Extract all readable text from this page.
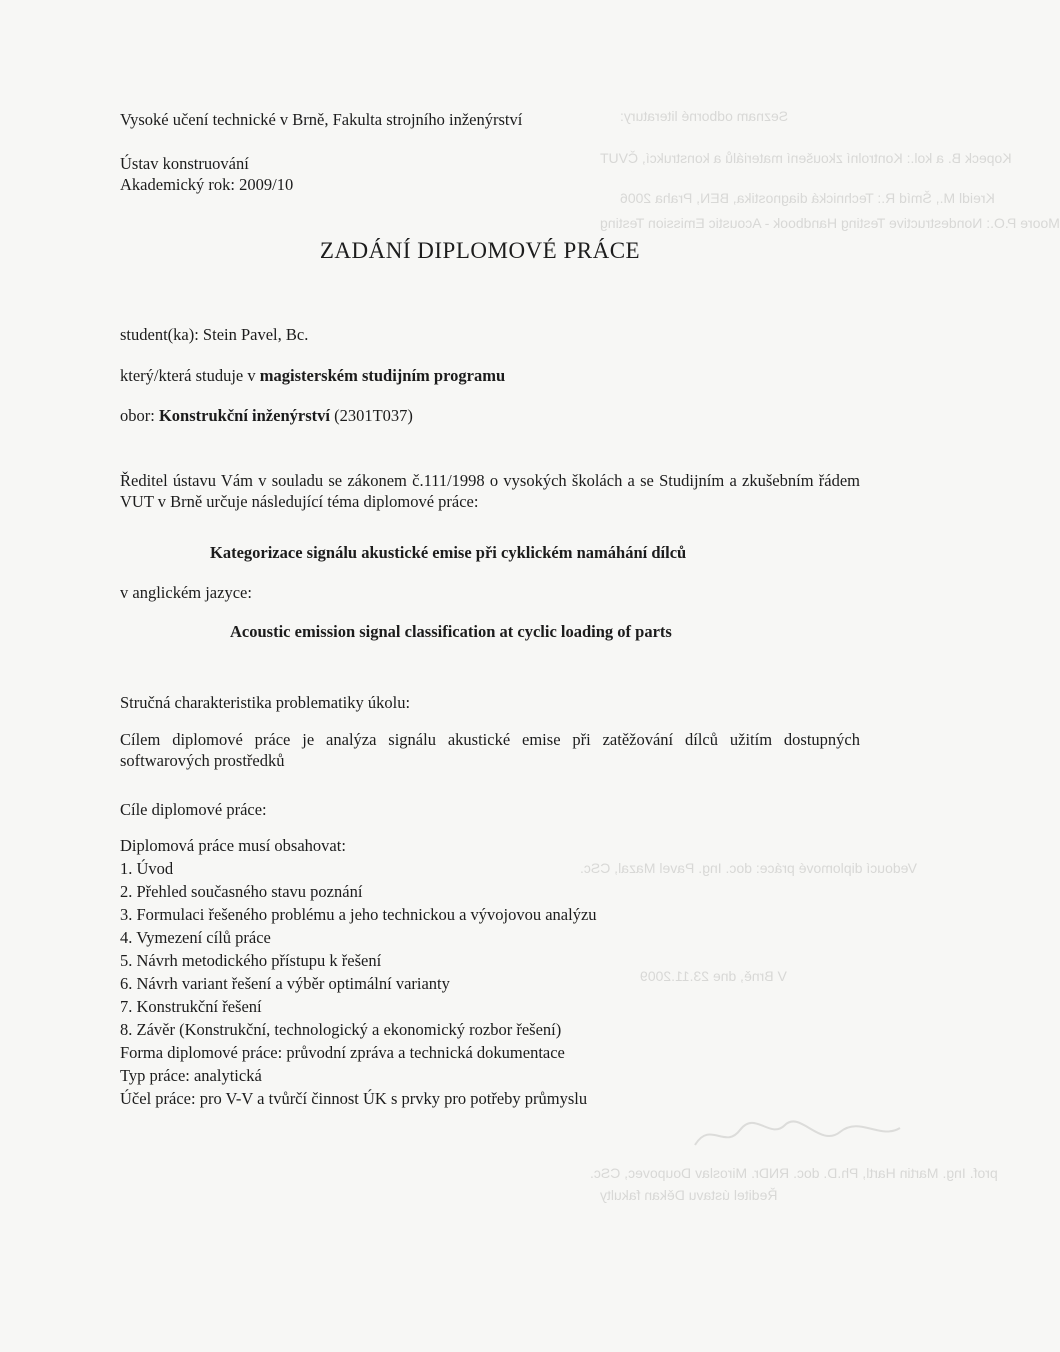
Seznam odborné literatury:
Kopeck B. a kol.: Kontrolní zkoušení materiálů a konstrukcí, ČVUT
Kreidl M., Šmíd R.: Technická diagnostika, BEN, Praha 2006
Moore P.O.: Nondestructive Testing Handbook - Acoustic Emission Testing
Vedoucí diplomové práce: doc. Ing. Pavel Mazal, CSc.
V Brně, dne 23.11.2009
prof. Ing. Martin Hartl, Ph.D. doc. RNDr. Miroslav Doupovec, CSc.
Ředitel ústavu Děkan fakulty
Vysoké učení technické v Brně, Fakulta strojního inženýrství
Ústav konstruování
Akademický rok: 2009/10
ZADÁNÍ DIPLOMOVÉ PRÁCE
student(ka): Stein Pavel, Bc.
který/která studuje v magisterském studijním programu
obor: Konstrukční inženýrství (2301T037)
Ředitel ústavu Vám v souladu se zákonem č.111/1998 o vysokých školách a se Studijním a zkušebním řádem VUT v Brně určuje následující téma diplomové práce:
Kategorizace signálu akustické emise při cyklickém namáhání dílců
v anglickém jazyce:
Acoustic emission signal classification at cyclic loading of parts
Stručná charakteristika problematiky úkolu:
Cílem diplomové práce je analýza signálu akustické emise při zatěžování dílců užitím dostupných softwarových prostředků
Cíle diplomové práce:
Diplomová práce musí obsahovat:
1. Úvod
2. Přehled současného stavu poznání
3. Formulaci řešeného problému a jeho technickou a vývojovou analýzu
4. Vymezení cílů práce
5. Návrh metodického přístupu k řešení
6. Návrh variant řešení a výběr optimální varianty
7. Konstrukční řešení
8. Závěr (Konstrukční, technologický a ekonomický rozbor řešení)
Forma diplomové práce: průvodní zpráva a technická dokumentace
Typ práce: analytická
Účel práce: pro V-V a tvůrčí činnost ÚK s prvky pro potřeby průmyslu
